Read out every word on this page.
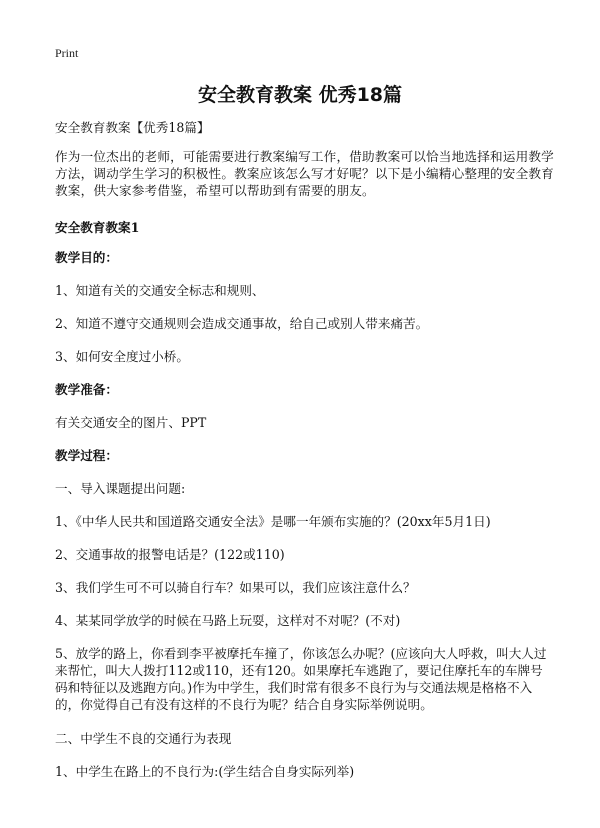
Print
安全教育教案 优秀18篇

安全教育教案【优秀18篇】

作为一位杰出的老师，可能需要进行教案编写工作，借助教案可以恰当地选择和运用教学方法，调动学生学习的积极性。教案应该怎么写才好呢？以下是小编精心整理的安全教育教案，供大家参考借鉴，希望可以帮助到有需要的朋友。

安全教育教案1

教学目的：

1、知道有关的交通安全标志和规则、

2、知道不遵守交通规则会造成交通事故，给自己或别人带来痛苦。

3、如何安全度过小桥。

教学准备：

有关交通安全的图片、PPT

教学过程：

一、导入课题提出问题:

1、《中华人民共和国道路交通安全法》是哪一年颁布实施的？(20xx年5月1日)

2、交通事故的报警电话是？(122或110)

3、我们学生可不可以骑自行车？如果可以，我们应该注意什么？

4、某某同学放学的时候在马路上玩耍，这样对不对呢？(不对)

5、放学的路上，你看到李平被摩托车撞了，你该怎么办呢？(应该向大人呼救，叫大人过来帮忙，叫大人拨打112或110，还有120。如果摩托车逃跑了，要记住摩托车的车牌号码和特征以及逃跑方向。)作为中学生，我们时常有很多不良行为与交通法规是格格不入的，你觉得自己有没有这样的不良行为呢？结合自身实际举例说明。

二、中学生不良的交通行为表现

1、中学生在路上的不良行为:(学生结合自身实际列举)
